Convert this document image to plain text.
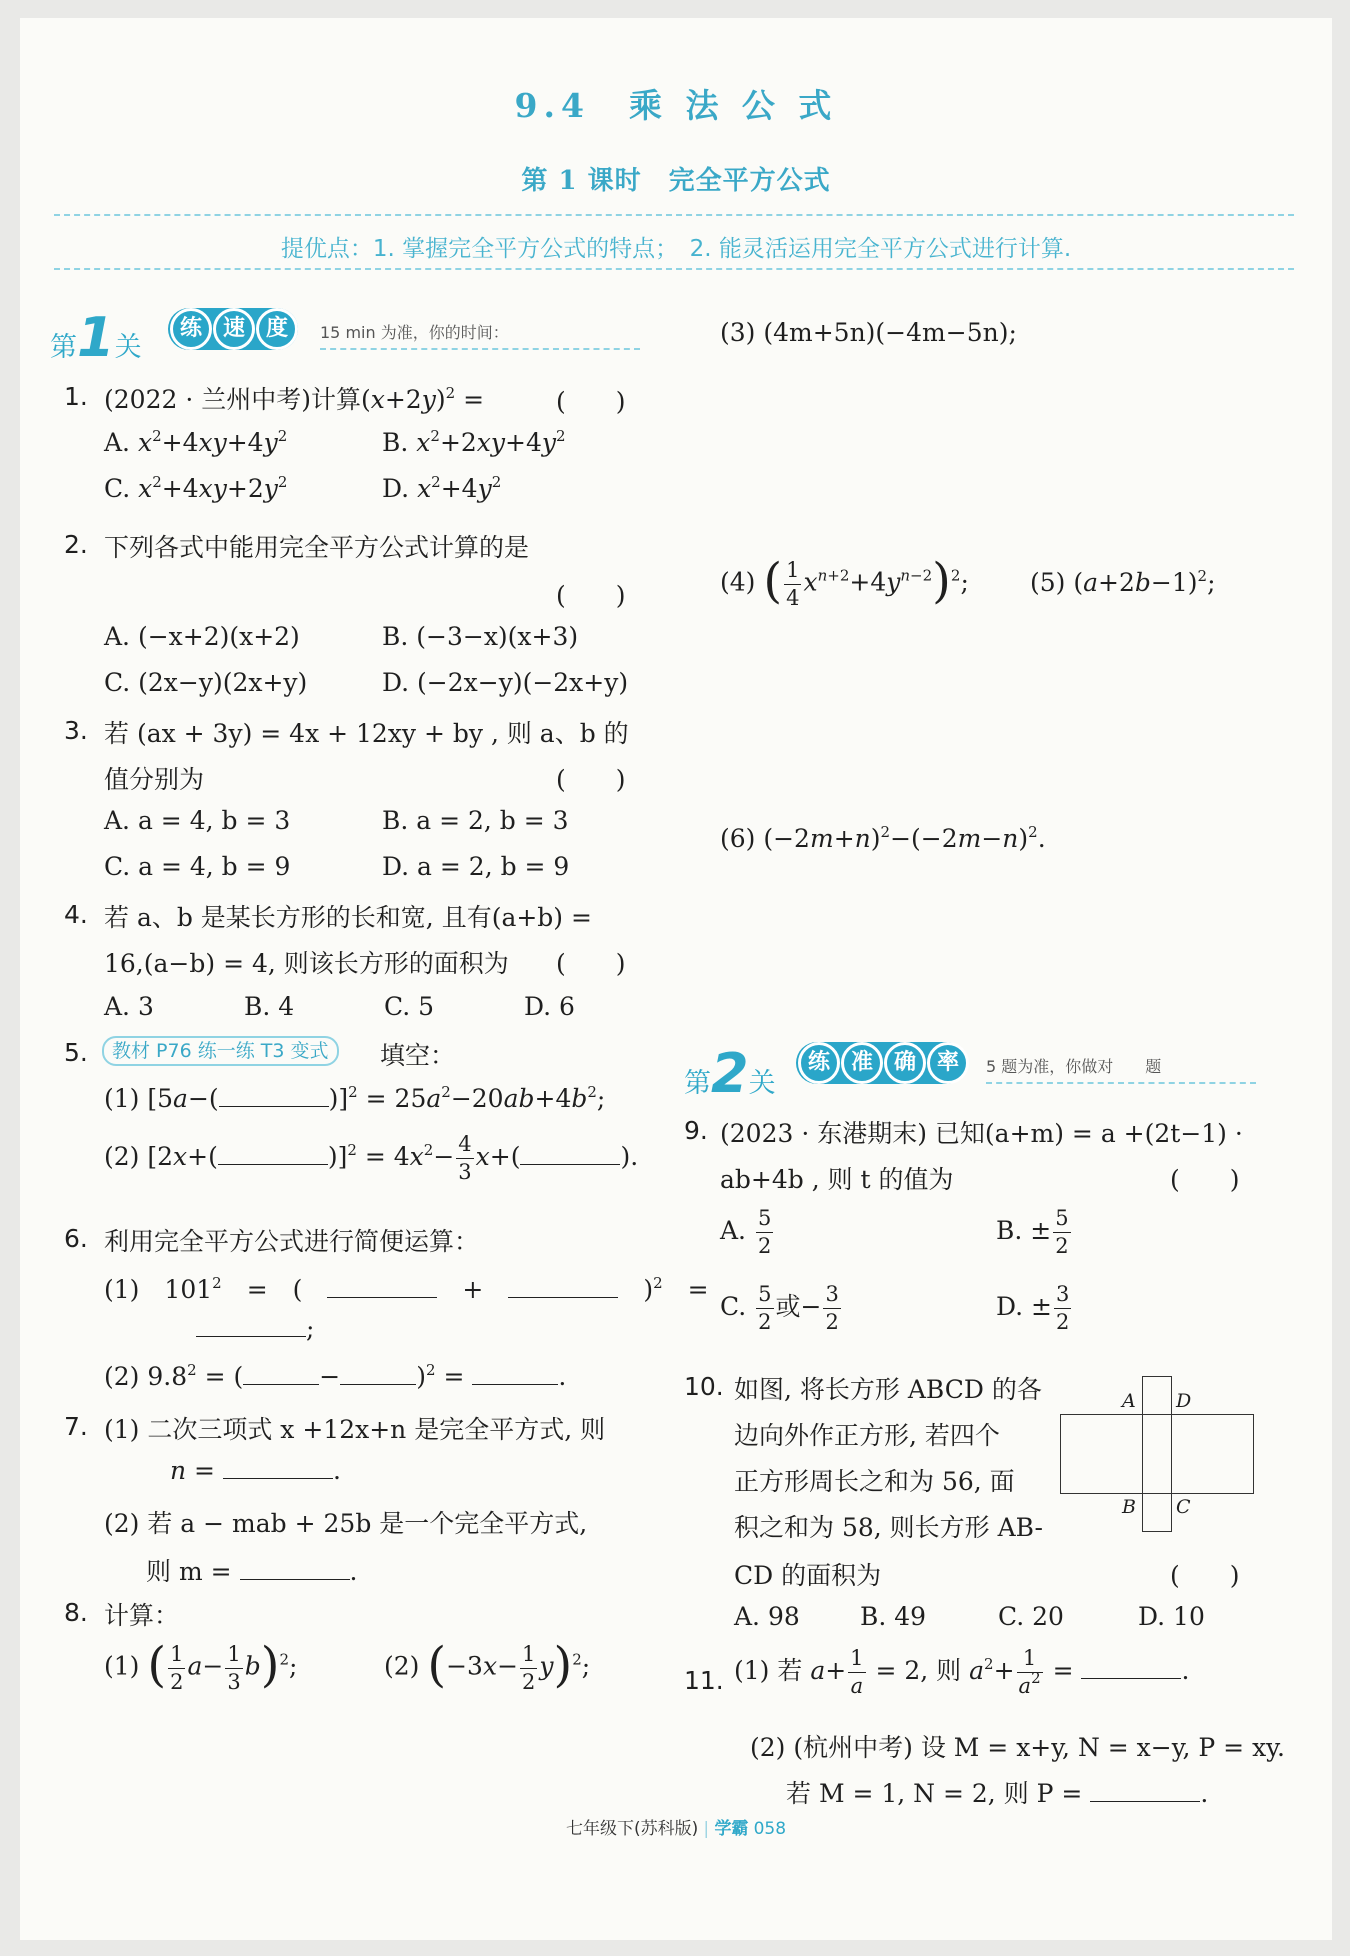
9.4　乘 法 公 式
第 1 课时　完全平方公式
提优点：1. 掌握完全平方公式的特点；　2. 能灵活运用完全平方公式进行计算.
第1关
练 速 度	15 min 为准，你的时间：
1. (2022 · 兰州中考)计算$(x+2y)^2$ =	(　　)
A. $x^2+4xy+4y^2$	B. $x^2+2xy+4y^2$
C. $x^2+4xy+2y^2$	D. $x^2+4y^2$
2. 下列各式中能用完全平方公式计算的是
(　　)
A. (−x+2)(x+2)	B. (−3−x)(x+3)
C. (2x−y)(2x+y)	D. (−2x−y)(−2x+y)
3. 若 (ax + 3y) = 4x + 12xy + by , 则 a、b 的
值分别为	(　　)
A. a = 4, b = 3	B. a = 2, b = 3
C. a = 4, b = 9	D. a = 2, b = 9
4. 若 a、b 是某长方形的长和宽, 且有(a+b) =
16,(a−b) = 4, 则该长方形的面积为 (　　)
A. 3	B. 4	C. 5	D. 6
5.	教材 P76 练一练 T3 变式	填空：
(1) [5a−(	)]$^2 = 25a^2-20ab+4b^2$;
(2) [2x+(	)]$^2 = 4x^2- \frac{4}{3} x+$(	).
6. 利用完全平方公式进行简便运算：
(1)　$101^2$　=　(　	　+　	　)$^2$　=
;
(2) $9.8^2$ = (	−	)$^2$ =	.
7. (1) 二次三项式 x +12x+n 是完全平方式, 则
n =	.
(2) 若 a − mab + 25b 是一个完全平方式,
则 m =	.
8. 计算：
(1) ( $\frac{1}{2} a- \frac{1}{3} b)^2$;	(2) $(-3x- \frac{1}{2} y)^2$;
(3) (4m+5n)(−4m−5n);
(4) ( $\frac{1}{4} x^{n+2}+4y^{n-2})^2$; (5) $(a+2b-1)^2$;
(6) $(-2m+n)^2-(-2m-n)^2$.
第2关
练 准 确 率	5 题为准，你做对　　题
9. (2023 · 东港期末) 已知(a+m) = a +(2t−1) ·
ab+4b , 则 t 的值为	(　　)
A. $\frac{5}{2}$	B. ± $\frac{5}{2}$
C. $\frac{5}{2}$ 或− $\frac{3}{2}$	D. ± $\frac{3}{2}$
10. 如图, 将长方形 ABCD 的各
边向外作正方形, 若四个
正方形周长之和为 56, 面
积之和为 58, 则长方形 AB-
CD 的面积为	(　　)
A D
B C
A. 98 B. 49	C. 20	D. 10
11. (1) 若 $a+ \frac{1}{a} = 2$, 则 $a^2+ \frac{1}{a^2}$ =	.
(2) (杭州中考) 设 M = x+y, N = x−y, P = xy.
若 M = 1, N = 2, 则 P =	.
七年级下(苏科版) | 学霸 058
